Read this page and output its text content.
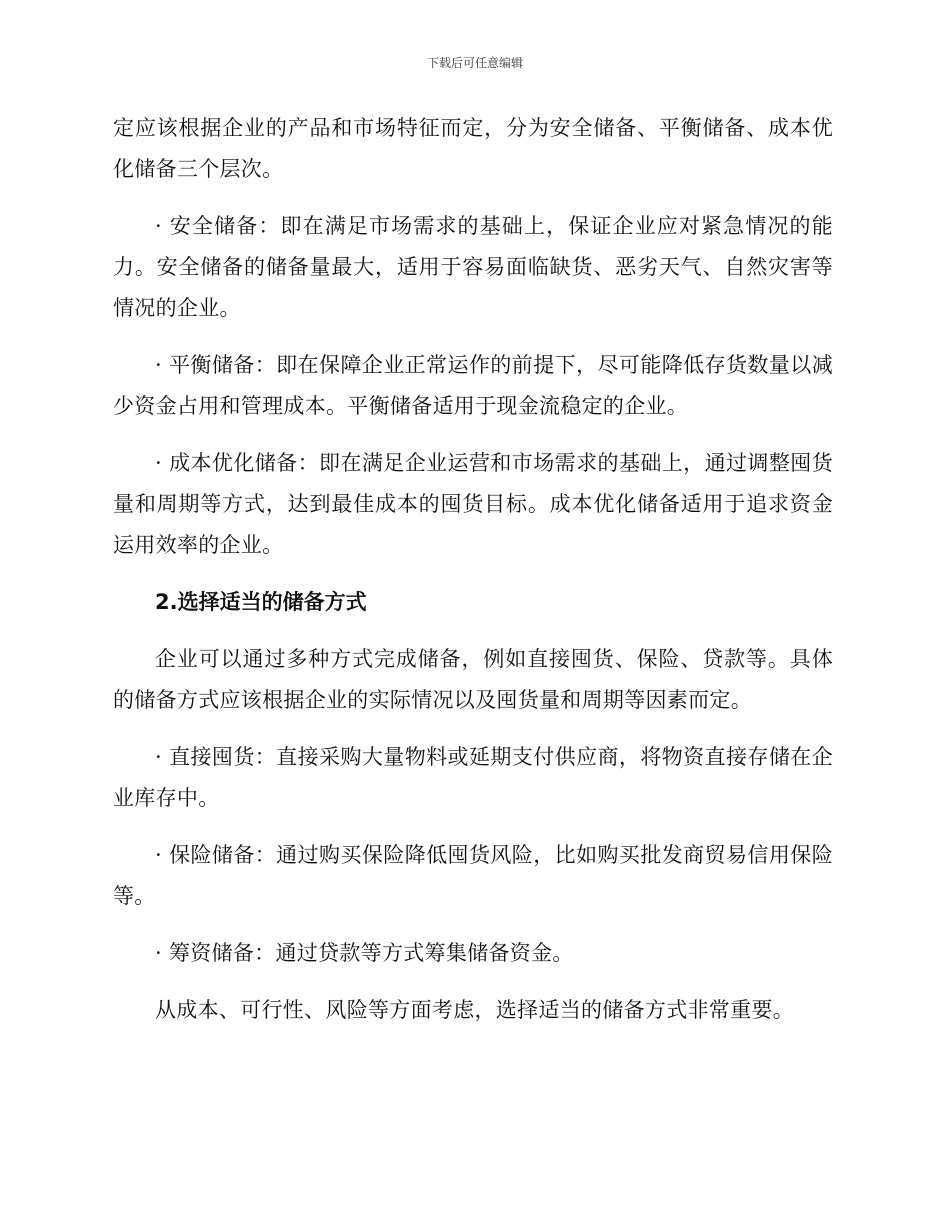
下载后可任意编辑

定应该根据企业的产品和市场特征而定，分为安全储备、平衡储备、成本优化储备三个层次。

· 安全储备：即在满足市场需求的基础上，保证企业应对紧急情况的能力。安全储备的储备量最大，适用于容易面临缺货、恶劣天气、自然灾害等情况的企业。

· 平衡储备：即在保障企业正常运作的前提下，尽可能降低存货数量以减少资金占用和管理成本。平衡储备适用于现金流稳定的企业。

· 成本优化储备：即在满足企业运营和市场需求的基础上，通过调整囤货量和周期等方式，达到最佳成本的囤货目标。成本优化储备适用于追求资金运用效率的企业。

2.选择适当的储备方式

企业可以通过多种方式完成储备，例如直接囤货、保险、贷款等。具体的储备方式应该根据企业的实际情况以及囤货量和周期等因素而定。

· 直接囤货：直接采购大量物料或延期支付供应商，将物资直接存储在企业库存中。

· 保险储备：通过购买保险降低囤货风险，比如购买批发商贸易信用保险等。

· 筹资储备：通过贷款等方式筹集储备资金。

从成本、可行性、风险等方面考虑，选择适当的储备方式非常重要。
